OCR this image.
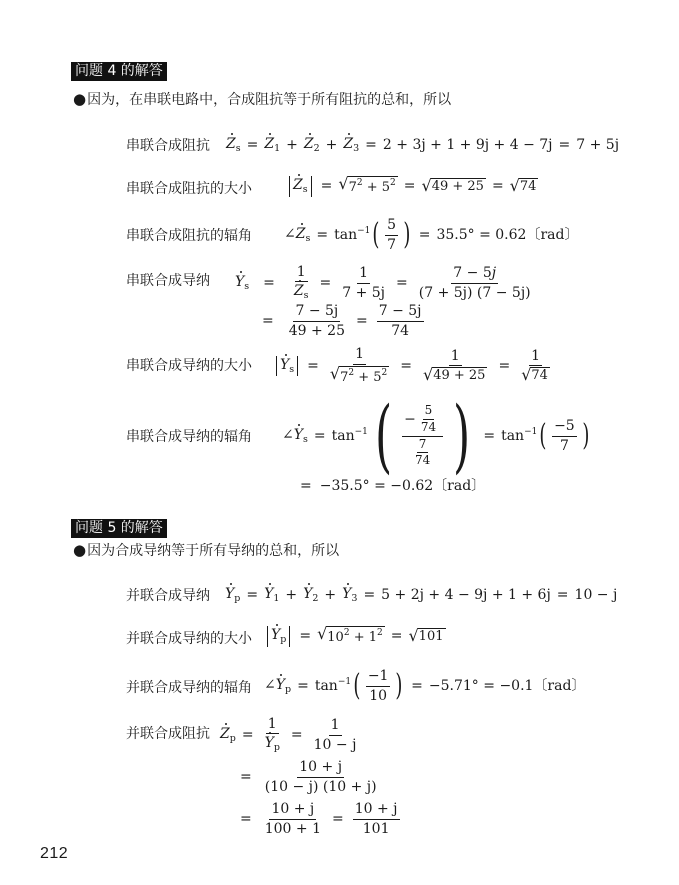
问题 4 的解答
●因为，在串联电路中，合成阻抗等于所有阻抗的总和，所以
串联合成阻抗 $Z_s = Z_1 + Z_2 + Z_3 = 2 + 3j + 1 + 9j + 4 - 7j = 7 + 5j$
串联合成阻抗的大小	$Z_s$ = √ $7^2 + 5^2$ = √ 49 + 25 = √ 74
串联合成阻抗的辐角 $\angle Z_s = \tan^{-1}$ ( $\frac{5}{7}$ ) = 35.5° = 0.62〔rad〕
串联合成导纳 $Y_s = \frac{1}{Z_s} = \frac{1}{7 + 5j} = \frac{7 - 5j}{(7 + 5j) (7 - 5j)}$
= $\frac{7 - 5j}{49 + 25} = \frac{7 - 5j}{74}$
串联合成导纳的大小 $Y_s = \frac{1}{√ 7^2 + 5^2} = \frac{1}{√ 49 + 25} = \frac{1}{√ 74}$
串联合成导纳的辐角 $\angle Y_s = \tan^{-1}$ ( $\frac{- \frac{5}{74}}{\frac{7}{74}}$ ) = $\tan^{-1}$ ( $\frac{-5}{7}$ )
= −35.5° = −0.62〔rad〕
问题 5 的解答
●因为合成导纳等于所有导纳的总和，所以
并联合成导纳 $Y_p = Y_1 + Y_2 + Y_3 = 5 + 2j + 4 - 9j + 1 + 6j = 10 - j$
并联合成导纳的大小 $Y_p$ = √ $10^2 + 1^2$ = √ 101
并联合成导纳的辐角 $\angle Y_p = \tan^{-1}$ ( $\frac{-1}{10}$ ) = −5.71° = −0.1〔rad〕
并联合成阻抗 $Z_p = \frac{1}{Y_p} = \frac{1}{10 - j}$
= $\frac{10 + j}{(10 - j) (10 + j)}$
= $\frac{10 + j}{100 + 1} = \frac{10 + j}{101}$
212
